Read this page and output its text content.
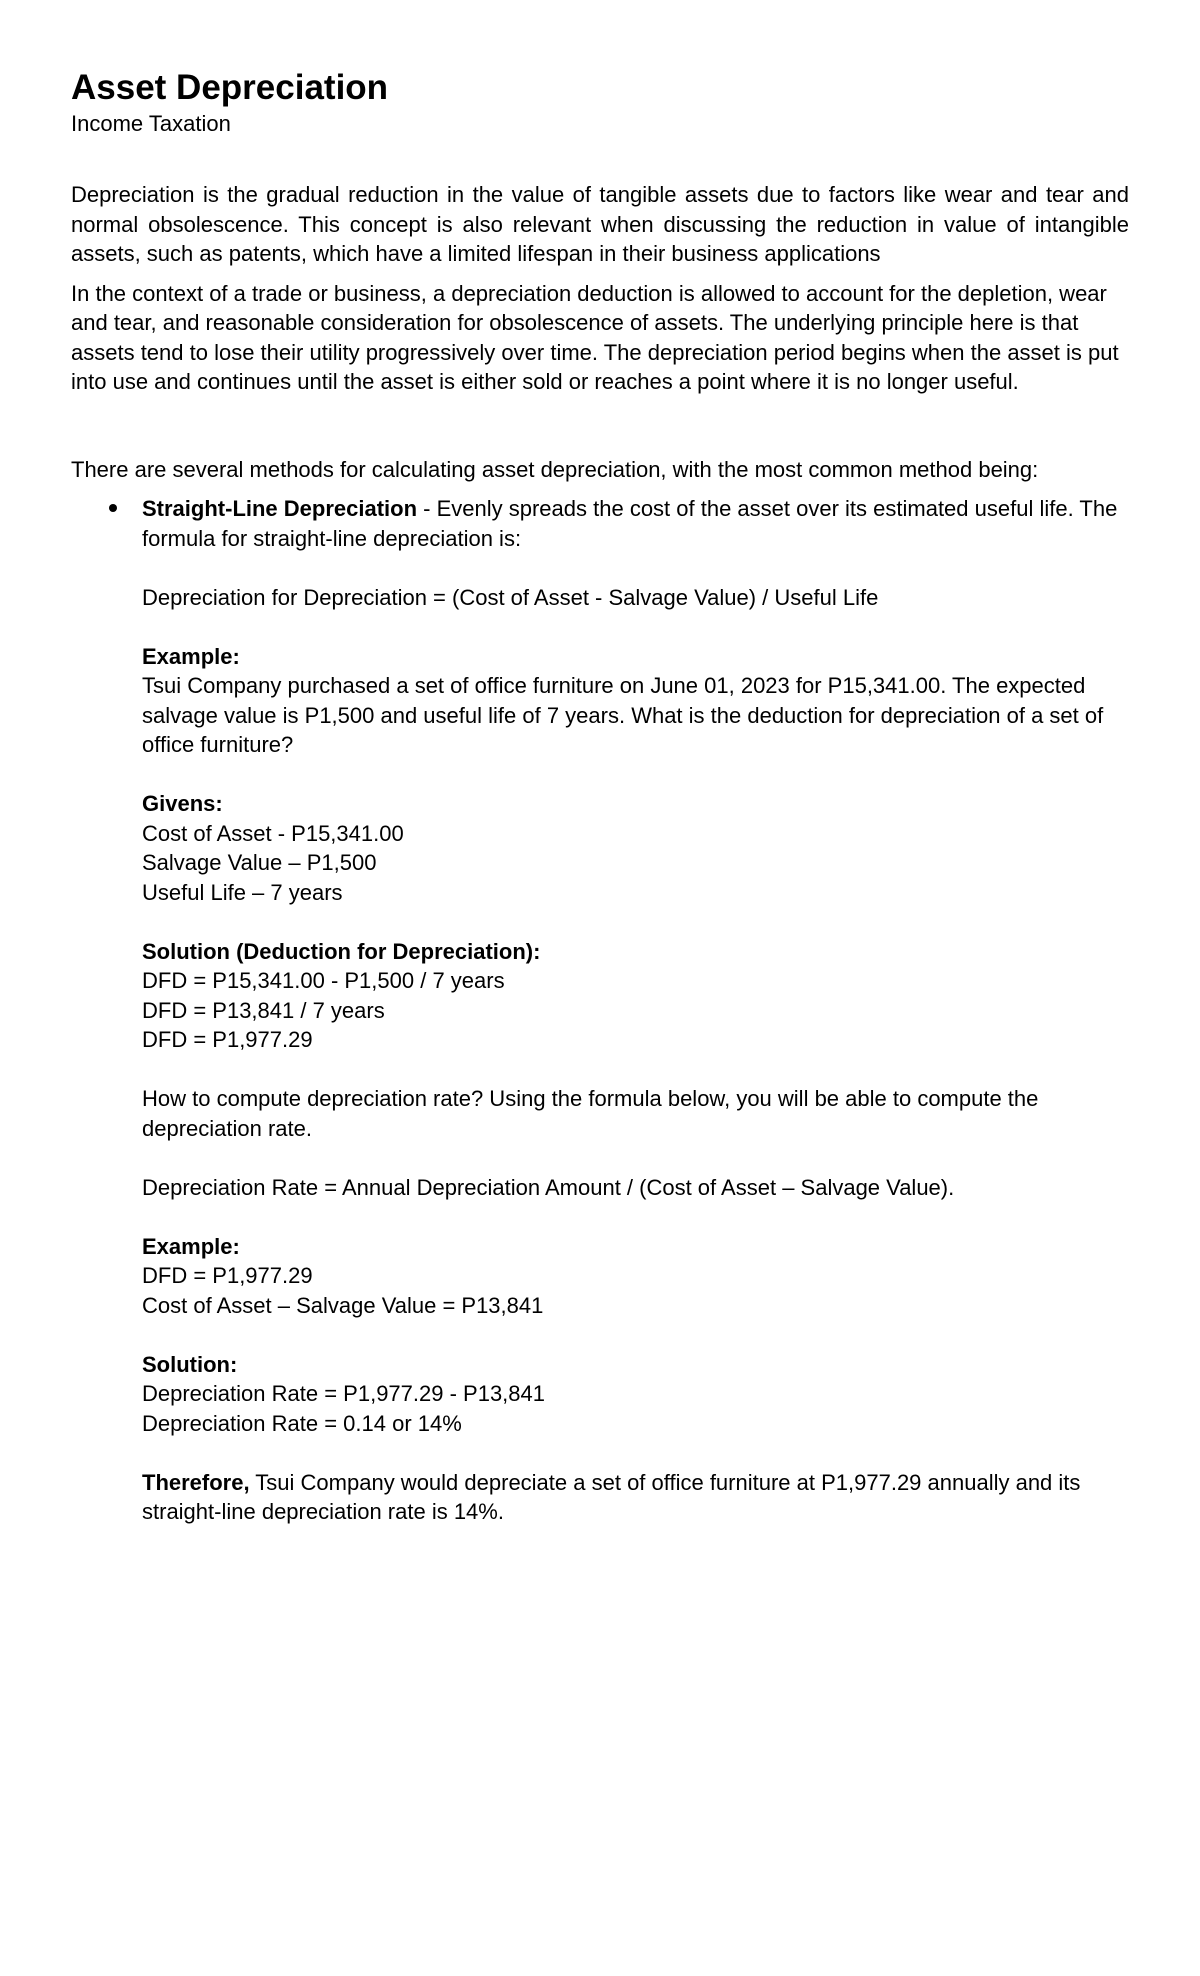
Asset Depreciation

Income Taxation

Depreciation is the gradual reduction in the value of tangible assets due to factors like wear and tear and normal obsolescence. This concept is also relevant when discussing the reduction in value of intangible assets, such as patents, which have a limited lifespan in their business applications

In the context of a trade or business, a depreciation deduction is allowed to account for the depletion, wear and tear, and reasonable consideration for obsolescence of assets. The underlying principle here is that assets tend to lose their utility progressively over time. The depreciation period begins when the asset is put into use and continues until the asset is either sold or reaches a point where it is no longer useful.

There are several methods for calculating asset depreciation, with the most common method being:

Straight-Line Depreciation - Evenly spreads the cost of the asset over its estimated useful life. The formula for straight-line depreciation is:

Depreciation for Depreciation = (Cost of Asset - Salvage Value) / Useful Life

Example:

Tsui Company purchased a set of office furniture on June 01, 2023 for P15,341.00. The expected salvage value is P1,500 and useful life of 7 years. What is the deduction for depreciation of a set of office furniture?

Givens:

Cost of Asset - P15,341.00

Salvage Value – P1,500

Useful Life – 7 years

Solution (Deduction for Depreciation):

DFD = P15,341.00 - P1,500 / 7 years

DFD = P13,841 / 7 years

DFD = P1,977.29

How to compute depreciation rate? Using the formula below, you will be able to compute the depreciation rate.

Depreciation Rate = Annual Depreciation Amount / (Cost of Asset – Salvage Value).

Example:

DFD = P1,977.29

Cost of Asset – Salvage Value = P13,841

Solution:

Depreciation Rate = P1,977.29 - P13,841

Depreciation Rate = 0.14 or 14%

Therefore, Tsui Company would depreciate a set of office furniture at P1,977.29 annually and its straight-line depreciation rate is 14%.
